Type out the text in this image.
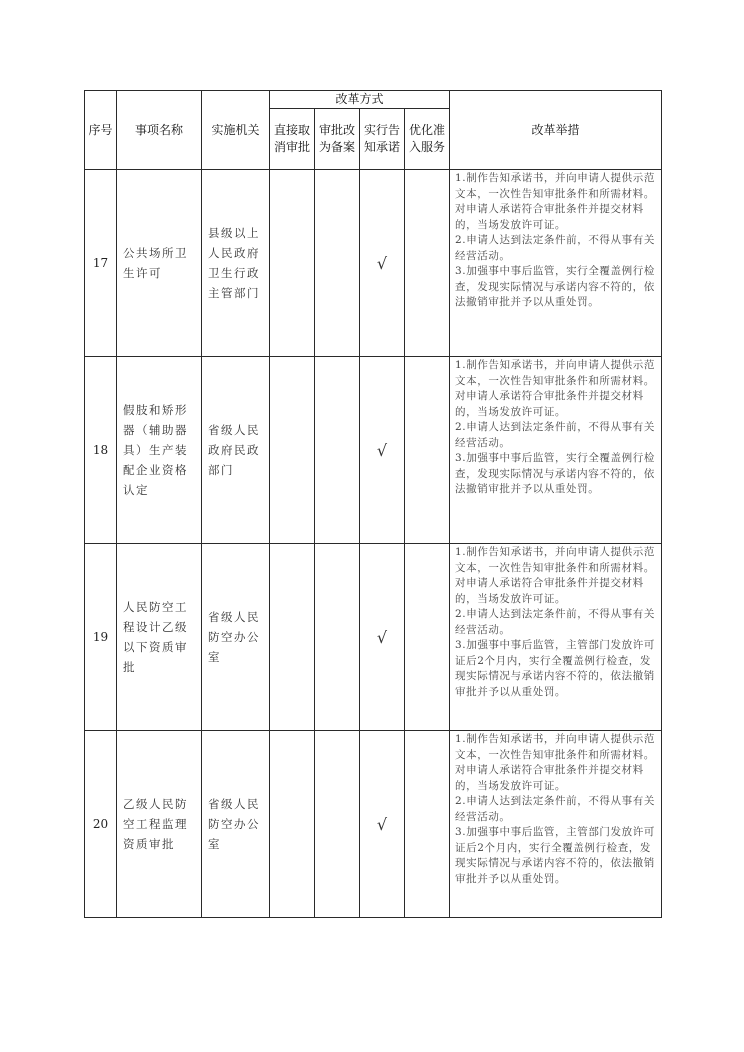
序号	事项名称	实施机关	改革方式				改革举措
			直接取消审批	审批改为备案	实行告知承诺	优化准入服务	
17	公共场所卫生许可	县级以上人民政府卫生行政主管部门			√		1.制作告知承诺书，并向申请人提供示范文本，一次性告知审批条件和所需材料。对申请人承诺符合审批条件并提交材料的，当场发放许可证。
2.申请人达到法定条件前，不得从事有关经营活动。
3.加强事中事后监管，实行全覆盖例行检查，发现实际情况与承诺内容不符的，依法撤销审批并予以从重处罚。

18	假肢和矫形器（辅助器具）生产装配企业资格认定	省级人民政府民政部门			√		1.制作告知承诺书，并向申请人提供示范文本，一次性告知审批条件和所需材料。对申请人承诺符合审批条件并提交材料的，当场发放许可证。
2.申请人达到法定条件前，不得从事有关经营活动。
3.加强事中事后监管，实行全覆盖例行检查，发现实际情况与承诺内容不符的，依法撤销审批并予以从重处罚。

19	人民防空工程设计乙级以下资质审批	省级人民防空办公室			√		1.制作告知承诺书，并向申请人提供示范文本，一次性告知审批条件和所需材料。对申请人承诺符合审批条件并提交材料的，当场发放许可证。
2.申请人达到法定条件前，不得从事有关经营活动。
3.加强事中事后监管，主管部门发放许可证后2个月内，实行全覆盖例行检查，发现实际情况与承诺内容不符的，依法撤销审批并予以从重处罚。

20	乙级人民防空工程监理资质审批	省级人民防空办公室			√		1.制作告知承诺书，并向申请人提供示范文本，一次性告知审批条件和所需材料。对申请人承诺符合审批条件并提交材料的，当场发放许可证。
2.申请人达到法定条件前，不得从事有关经营活动。
3.加强事中事后监管，主管部门发放许可证后2个月内，实行全覆盖例行检查，发现实际情况与承诺内容不符的，依法撤销审批并予以从重处罚。
